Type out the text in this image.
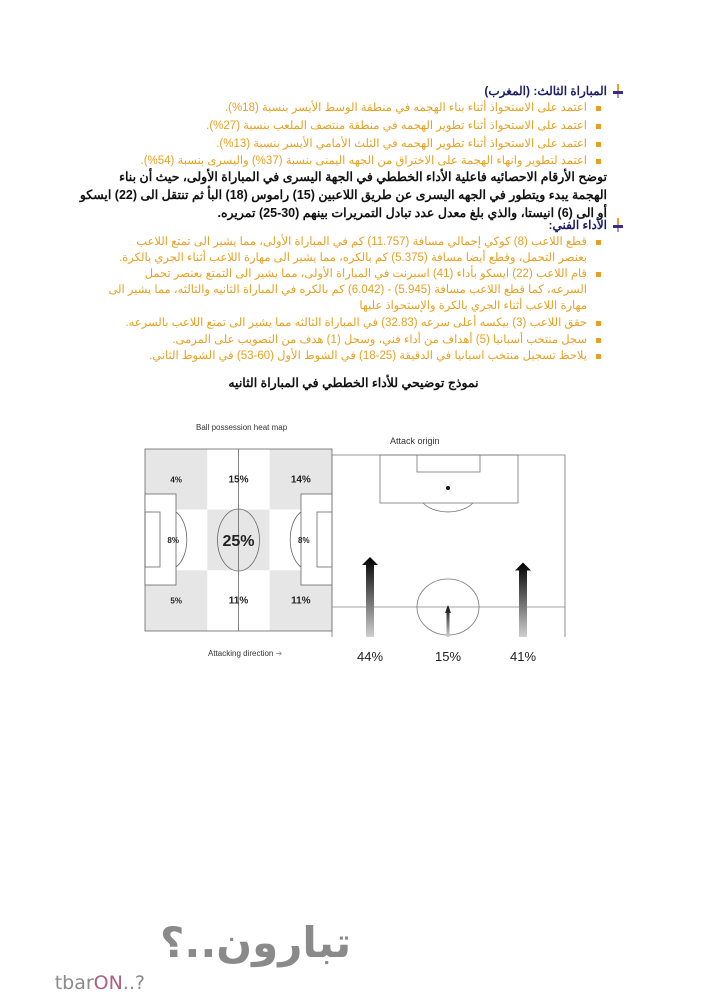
المباراة الثالث: (المغرب)
اعتمد على الاستحواذ أثناء بناء الهجمه في منطقة الوسط الأيسر بنسبة (18%).
اعتمد على الاستحواذ أثناء تطوير الهجمه في منطقة منتصف الملعب بنسبة (27%).
اعتمد على الاستحواذ أثناء تطوير الهجمه في الثلث الأمامي الأيسر بنسبة (13%).
اعتمد لتطوير وانهاء الهجمة على الاختراق من الجهه اليمنى بنسبة (37%) واليسرى بنسبة (54%).
توضح الأرقام الاحصائيه فاعلية الأداء الخططي في الجهة اليسرى في المباراة الأولى، حيث أن بناء
الهجمة يبدء ويتطور في الجهه اليسرى عن طريق اللاعبين (15) راموس (18) البأ ثم تنتقل الى (22) ايسكو
أو الى (6) انيستا، والذي بلغ معدل عدد تبادل التمريرات بينهم (30-25) تمريره.
الأداء الفني:
قطع اللاعب (8) كوكي إجمالي مسافة (11.757) كم في المباراة الأولى، مما يشير الى تمتع اللاعب
بعنصر التحمل، وقطع أيضا مسافة (5.375) كم بالكره، مما يشير الى مهارة اللاعب أثناء الجري بالكرة.
قام اللاعب (22) ايسكو بأداء (41) اسبرنت في المباراة الأولى، مما يشير الى التمتع بعنصر تحمل
السرعه، كما قطع اللاعب مسافة (5.945) - (6.042) كم بالكره في المباراة الثانيه والثالثه، مما يشير الى
مهارة اللاعب أثناء الجري بالكرة والإستحواذ عليها
حقق اللاعب (3) بيكسه أعلى سرعه (32.83) في المباراة الثالثه مما يشير الى تمتع اللاعب بالسرعه.
سجل منتخب أسبانيا (5) أهداف من أداء فني، وسجل (1) هدف من التصويب على المرمى.
يلاحظ تسجيل منتخب اسبانيا في الدقيقة (25-18) في الشوط الأول (60-53) في الشوط الثاني.
نموذج توضيحي للأداء الخططي في المباراة الثانيه
Ball possession heat map
4%	15%	14%
8%	25%	8%
5%	11%	11%
Attacking direction ➜
Attack origin
44%	15%	41%
تبارون..؟
tbarON..?
